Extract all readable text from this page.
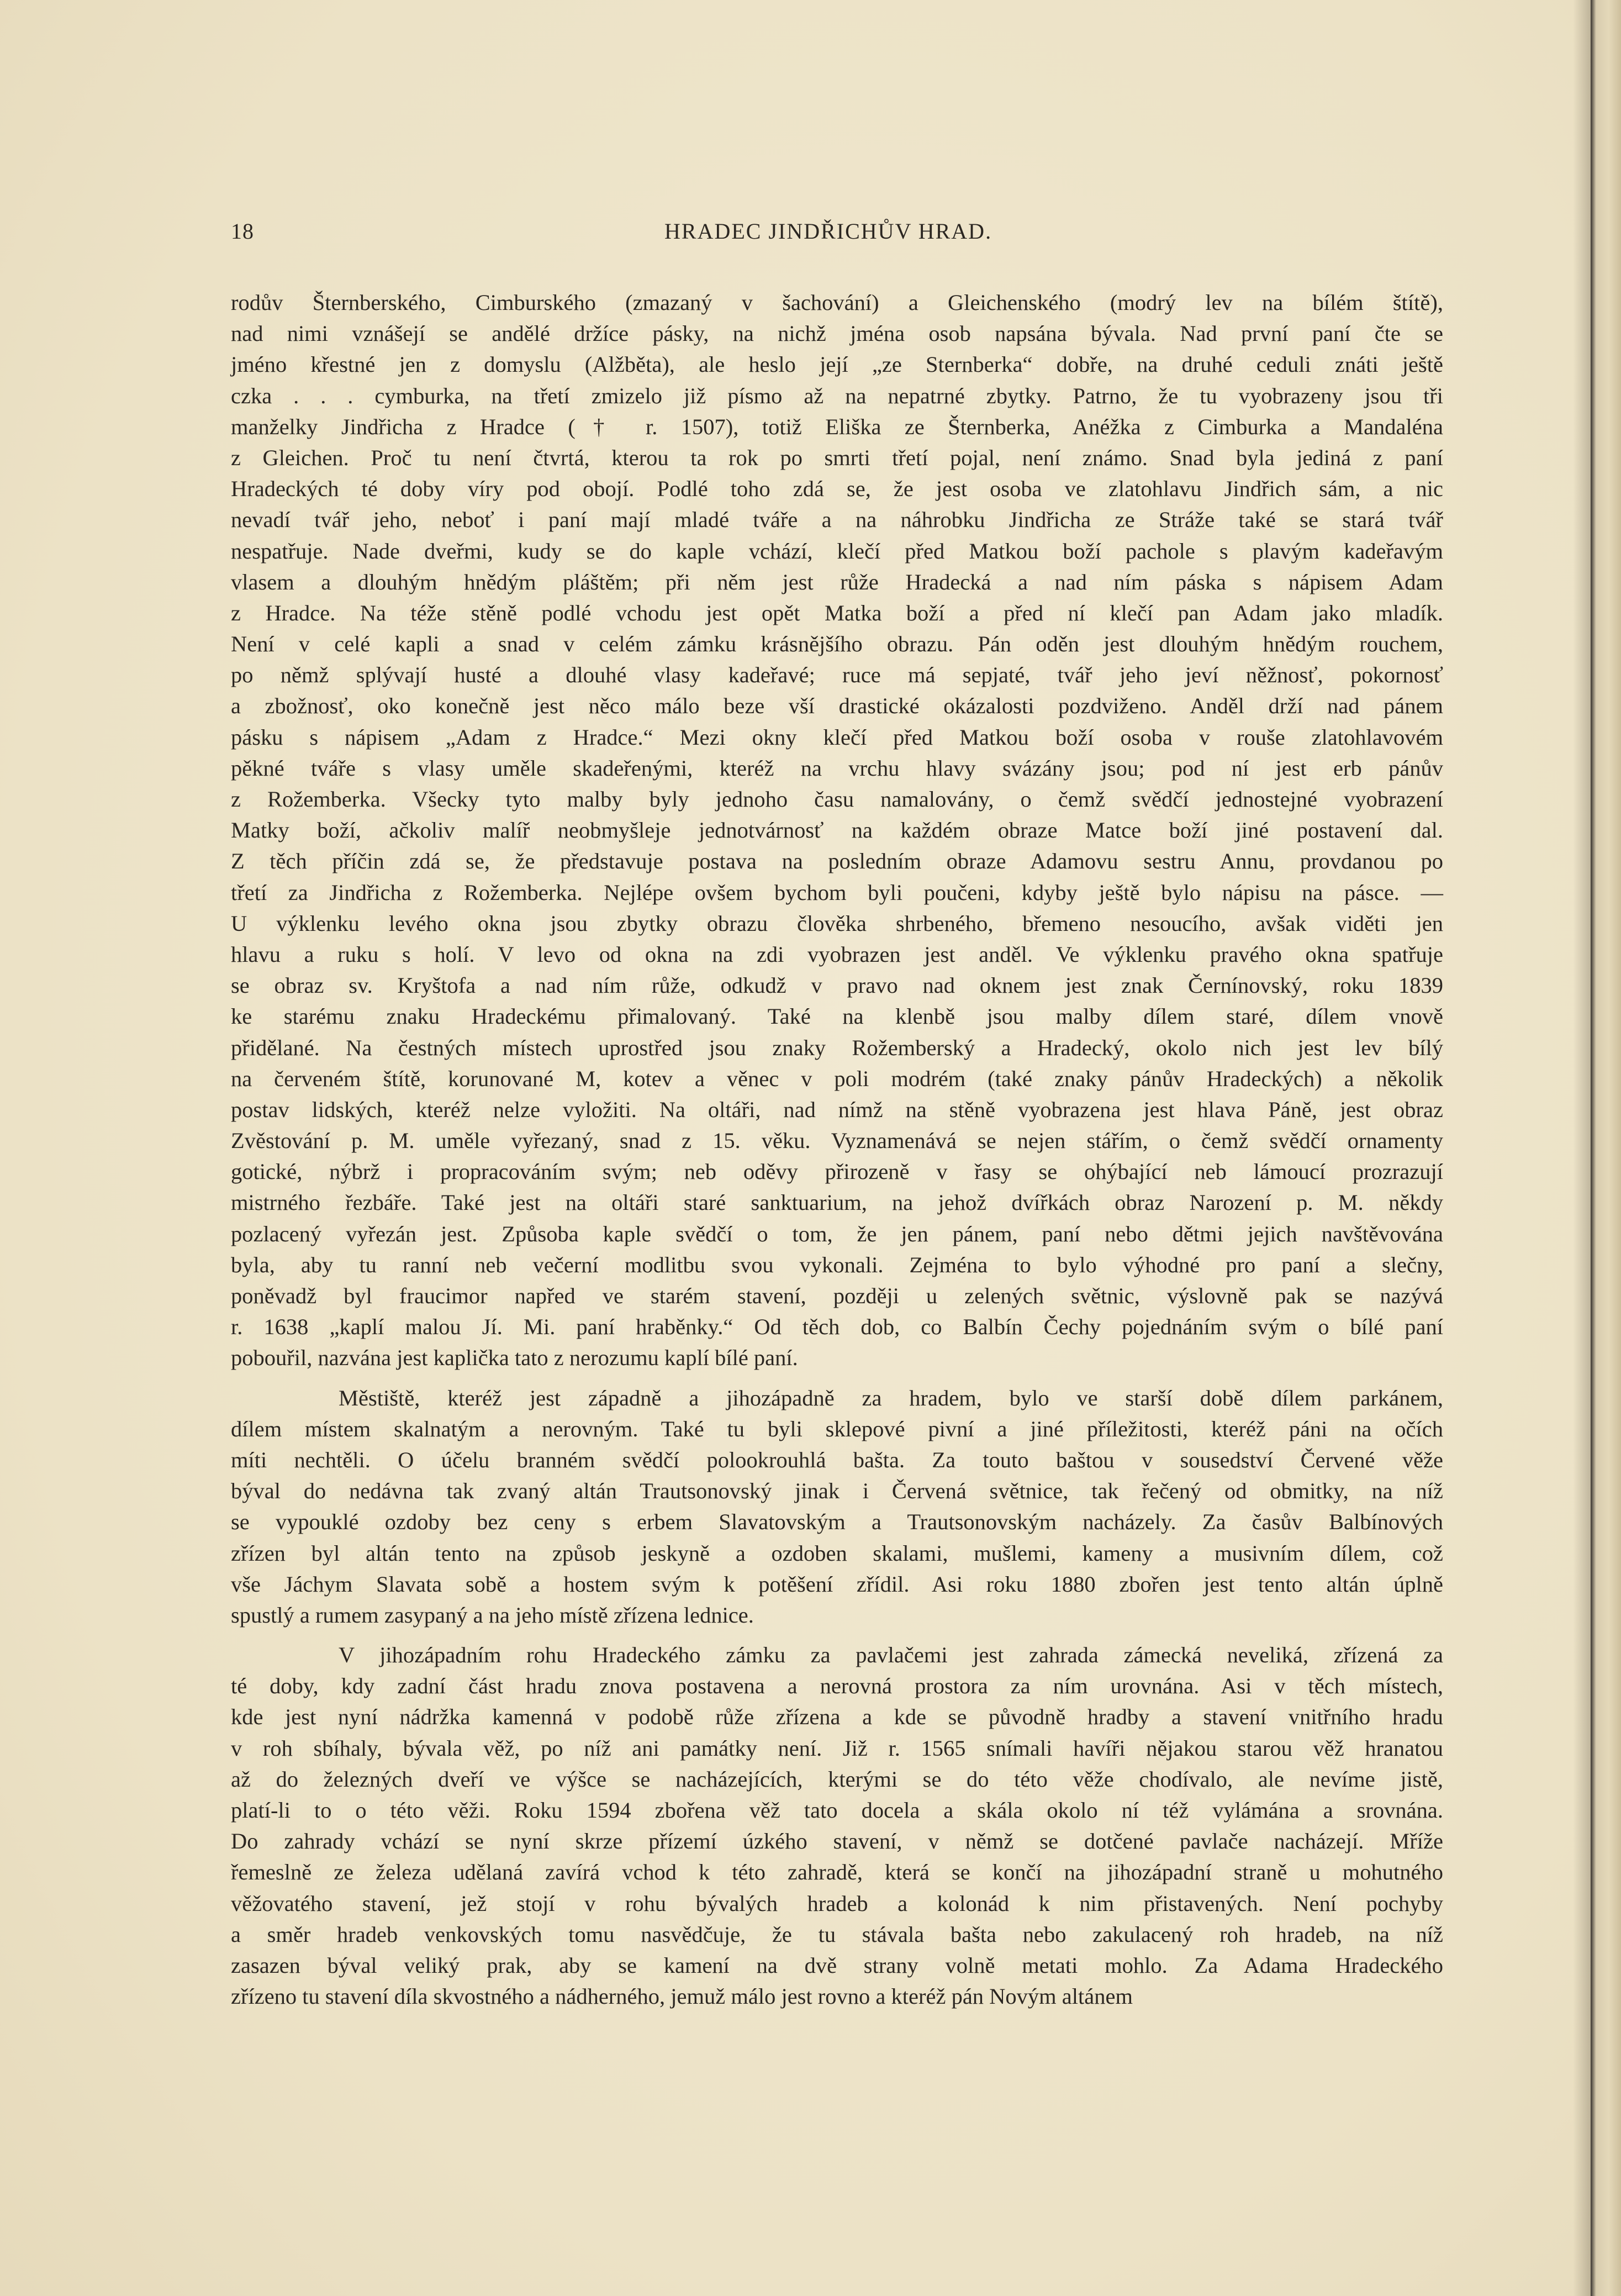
18	HRADEC JINDŘICHŮV HRAD.
rodův Šternberského, Cimburského (zmazaný v šachování) a Gleichenského (modrý lev na bílém štítě),
nad nimi vznášejí se andělé držíce pásky, na nichž jména osob napsána bývala. Nad první paní čte se
jméno křestné jen z domyslu (Alžběta), ale heslo její „ze Sternberka“ dobře, na druhé ceduli znáti ještě
czka . . . cymburka, na třetí zmizelo již písmo až na nepatrné zbytky. Patrno, že tu vyobrazeny jsou tři
manželky Jindřicha z Hradce († r. 1507), totiž Eliška ze Šternberka, Anéžka z Cimburka a Mandaléna
z Gleichen. Proč tu není čtvrtá, kterou ta rok po smrti třetí pojal, není známo. Snad byla jediná z paní
Hradeckých té doby víry pod obojí. Podlé toho zdá se, že jest osoba ve zlatohlavu Jindřich sám, a nic
nevadí tvář jeho, neboť i paní mají mladé tváře a na náhrobku Jindřicha ze Stráže také se stará tvář
nespatřuje. Nade dveřmi, kudy se do kaple vchází, klečí před Matkou boží pachole s plavým kadeřavým
vlasem a dlouhým hnědým pláštěm; při něm jest růže Hradecká a nad ním páska s nápisem Adam
z Hradce. Na téže stěně podlé vchodu jest opět Matka boží a před ní klečí pan Adam jako mladík.
Není v celé kapli a snad v celém zámku krásnějšího obrazu. Pán oděn jest dlouhým hnědým rouchem,
po němž splývají husté a dlouhé vlasy kadeřavé; ruce má sepjaté, tvář jeho jeví něžnosť, pokornosť
a zbožnosť, oko konečně jest něco málo beze vší drastické okázalosti pozdviženo. Anděl drží nad pánem
pásku s nápisem „Adam z Hradce.“ Mezi okny klečí před Matkou boží osoba v rouše zlatohlavovém
pěkné tváře s vlasy uměle skadeřenými, kteréž na vrchu hlavy svázány jsou; pod ní jest erb pánův
z Rožemberka. Všecky tyto malby byly jednoho času namalovány, o čemž svědčí jednostejné vyobrazení
Matky boží, ačkoliv malíř neobmyšleje jednotvárnosť na každém obraze Matce boží jiné postavení dal.
Z těch příčin zdá se, že představuje postava na posledním obraze Adamovu sestru Annu, provdanou po
třetí za Jindřicha z Rožemberka. Nejlépe ovšem bychom byli poučeni, kdyby ještě bylo nápisu na pásce. —
U výklenku levého okna jsou zbytky obrazu člověka shrbeného, břemeno nesoucího, avšak viděti jen
hlavu a ruku s holí. V levo od okna na zdi vyobrazen jest anděl. Ve výklenku pravého okna spatřuje
se obraz sv. Kryštofa a nad ním růže, odkudž v pravo nad oknem jest znak Černínovský, roku 1839
ke starému znaku Hradeckému přimalovaný. Také na klenbě jsou malby dílem staré, dílem vnově
přidělané. Na čestných místech uprostřed jsou znaky Rožemberský a Hradecký, okolo nich jest lev bílý
na červeném štítě, korunované M, kotev a věnec v poli modrém (také znaky pánův Hradeckých) a několik
postav lidských, kteréž nelze vyložiti. Na oltáři, nad nímž na stěně vyobrazena jest hlava Páně, jest obraz
Zvěstování p. M. uměle vyřezaný, snad z 15. věku. Vyznamenává se nejen stářím, o čemž svědčí ornamenty
gotické, nýbrž i propracováním svým; neb oděvy přirozeně v řasy se ohýbající neb lámoucí prozrazují
mistrného řezbáře. Také jest na oltáři staré sanktuarium, na jehož dvířkách obraz Narození p. M. někdy
pozlacený vyřezán jest. Způsoba kaple svědčí o tom, že jen pánem, paní nebo dětmi jejich navštěvována
byla, aby tu ranní neb večerní modlitbu svou vykonali. Zejména to bylo výhodné pro paní a slečny,
poněvadž byl fraucimor napřed ve starém stavení, později u zelených světnic, výslovně pak se nazývá
r. 1638 „kaplí malou Jí. Mi. paní hraběnky.“ Od těch dob, co Balbín Čechy pojednáním svým o bílé paní
pobouřil, nazvána jest kaplička tato z nerozumu kaplí bílé paní.
Městiště, kteréž jest západně a jihozápadně za hradem, bylo ve starší době dílem parkánem,
dílem místem skalnatým a nerovným. Také tu byli sklepové pivní a jiné příležitosti, kteréž páni na očích
míti nechtěli. O účelu branném svědčí polookrouhlá bašta. Za touto baštou v sousedství Červené věže
býval do nedávna tak zvaný altán Trautsonovský jinak i Červená světnice, tak řečený od obmitky, na níž
se vypouklé ozdoby bez ceny s erbem Slavatovským a Trautsonovským nacházely. Za časův Balbínových
zřízen byl altán tento na způsob jeskyně a ozdoben skalami, mušlemi, kameny a musivním dílem, což
vše Jáchym Slavata sobě a hostem svým k potěšení zřídil. Asi roku 1880 zbořen jest tento altán úplně
spustlý a rumem zasypaný a na jeho místě zřízena lednice.
V jihozápadním rohu Hradeckého zámku za pavlačemi jest zahrada zámecká neveliká, zřízená za
té doby, kdy zadní část hradu znova postavena a nerovná prostora za ním urovnána. Asi v těch místech,
kde jest nyní nádržka kamenná v podobě růže zřízena a kde se původně hradby a stavení vnitřního hradu
v roh sbíhaly, bývala věž, po níž ani památky není. Již r. 1565 snímali havíři nějakou starou věž hranatou
až do železných dveří ve výšce se nacházejících, kterými se do této věže chodívalo, ale nevíme jistě,
platí-li to o této věži. Roku 1594 zbořena věž tato docela a skála okolo ní též vylámána a srovnána.
Do zahrady vchází se nyní skrze přízemí úzkého stavení, v němž se dotčené pavlače nacházejí. Mříže
řemeslně ze železa udělaná zavírá vchod k této zahradě, která se končí na jihozápadní straně u mohutného
věžovatého stavení, jež stojí v rohu bývalých hradeb a kolonád k nim přistavených. Není pochyby
a směr hradeb venkovských tomu nasvědčuje, že tu stávala bašta nebo zakulacený roh hradeb, na níž
zasazen býval veliký prak, aby se kamení na dvě strany volně metati mohlo. Za Adama Hradeckého
zřízeno tu stavení díla skvostného a nádherného, jemuž málo jest rovno a kteréž pán Novým altánem
